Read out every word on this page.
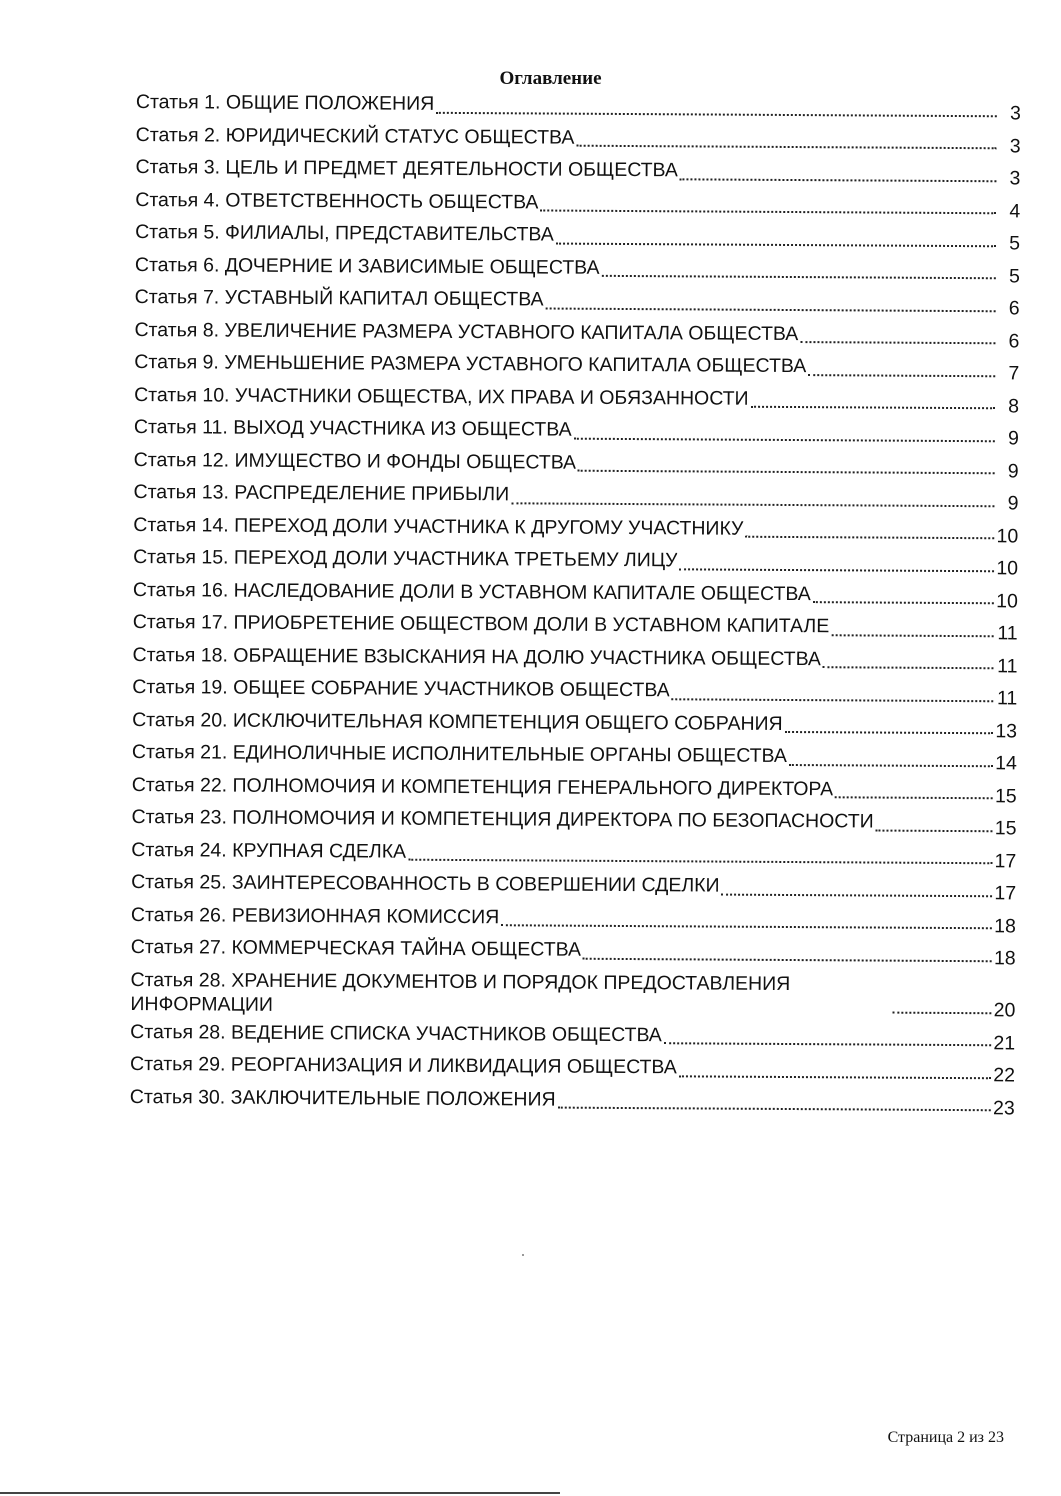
Оглавление
Статья 1. ОБЩИЕ ПОЛОЖЕНИЯ	3
Статья 2. ЮРИДИЧЕСКИЙ СТАТУС ОБЩЕСТВА	3
Статья 3. ЦЕЛЬ И ПРЕДМЕТ ДЕЯТЕЛЬНОСТИ ОБЩЕСТВА	3
Статья 4. ОТВЕТСТВЕННОСТЬ ОБЩЕСТВА	4
Статья 5. ФИЛИАЛЫ, ПРЕДСТАВИТЕЛЬСТВА	5
Статья 6. ДОЧЕРНИЕ И ЗАВИСИМЫЕ ОБЩЕСТВА	5
Статья 7. УСТАВНЫЙ КАПИТАЛ ОБЩЕСТВА	6
Статья 8. УВЕЛИЧЕНИЕ РАЗМЕРА УСТАВНОГО КАПИТАЛА ОБЩЕСТВА	6
Статья 9. УМЕНЬШЕНИЕ РАЗМЕРА УСТАВНОГО КАПИТАЛА ОБЩЕСТВА	7
Статья 10. УЧАСТНИКИ ОБЩЕСТВА, ИХ ПРАВА И ОБЯЗАННОСТИ	8
Статья 11. ВЫХОД УЧАСТНИКА ИЗ ОБЩЕСТВА	9
Статья 12. ИМУЩЕСТВО И ФОНДЫ ОБЩЕСТВА	9
Статья 13. РАСПРЕДЕЛЕНИЕ ПРИБЫЛИ	9
Статья 14. ПЕРЕХОД ДОЛИ УЧАСТНИКА К ДРУГОМУ УЧАСТНИКУ	10
Статья 15. ПЕРЕХОД ДОЛИ УЧАСТНИКА ТРЕТЬЕМУ ЛИЦУ	10
Статья 16. НАСЛЕДОВАНИЕ ДОЛИ В УСТАВНОМ КАПИТАЛЕ ОБЩЕСТВА	10
Статья 17. ПРИОБРЕТЕНИЕ ОБЩЕСТВОМ ДОЛИ В УСТАВНОМ КАПИТАЛЕ	11
Статья 18. ОБРАЩЕНИЕ ВЗЫСКАНИЯ НА ДОЛЮ УЧАСТНИКА ОБЩЕСТВА	11
Статья 19. ОБЩЕЕ СОБРАНИЕ УЧАСТНИКОВ ОБЩЕСТВА	11
Статья 20. ИСКЛЮЧИТЕЛЬНАЯ КОМПЕТЕНЦИЯ ОБЩЕГО СОБРАНИЯ	13
Статья 21. ЕДИНОЛИЧНЫЕ ИСПОЛНИТЕЛЬНЫЕ ОРГАНЫ ОБЩЕСТВА	14
Статья 22. ПОЛНОМОЧИЯ И КОМПЕТЕНЦИЯ ГЕНЕРАЛЬНОГО ДИРЕКТОРА	15
Статья 23. ПОЛНОМОЧИЯ И КОМПЕТЕНЦИЯ ДИРЕКТОРА ПО БЕЗОПАСНОСТИ	15
Статья 24. КРУПНАЯ СДЕЛКА	17
Статья 25. ЗАИНТЕРЕСОВАННОСТЬ В СОВЕРШЕНИИ СДЕЛКИ	17
Статья 26. РЕВИЗИОННАЯ КОМИССИЯ	18
Статья 27. КОММЕРЧЕСКАЯ ТАЙНА ОБЩЕСТВА	18
Статья 28. ХРАНЕНИЕ ДОКУМЕНТОВ И ПОРЯДОК ПРЕДОСТАВЛЕНИЯ ИНФОРМАЦИИ	20
Статья 28. ВЕДЕНИЕ СПИСКА УЧАСТНИКОВ ОБЩЕСТВА	21
Статья 29. РЕОРГАНИЗАЦИЯ И ЛИКВИДАЦИЯ ОБЩЕСТВА	22
Статья 30. ЗАКЛЮЧИТЕЛЬНЫЕ ПОЛОЖЕНИЯ	23
Страница 2 из 23
